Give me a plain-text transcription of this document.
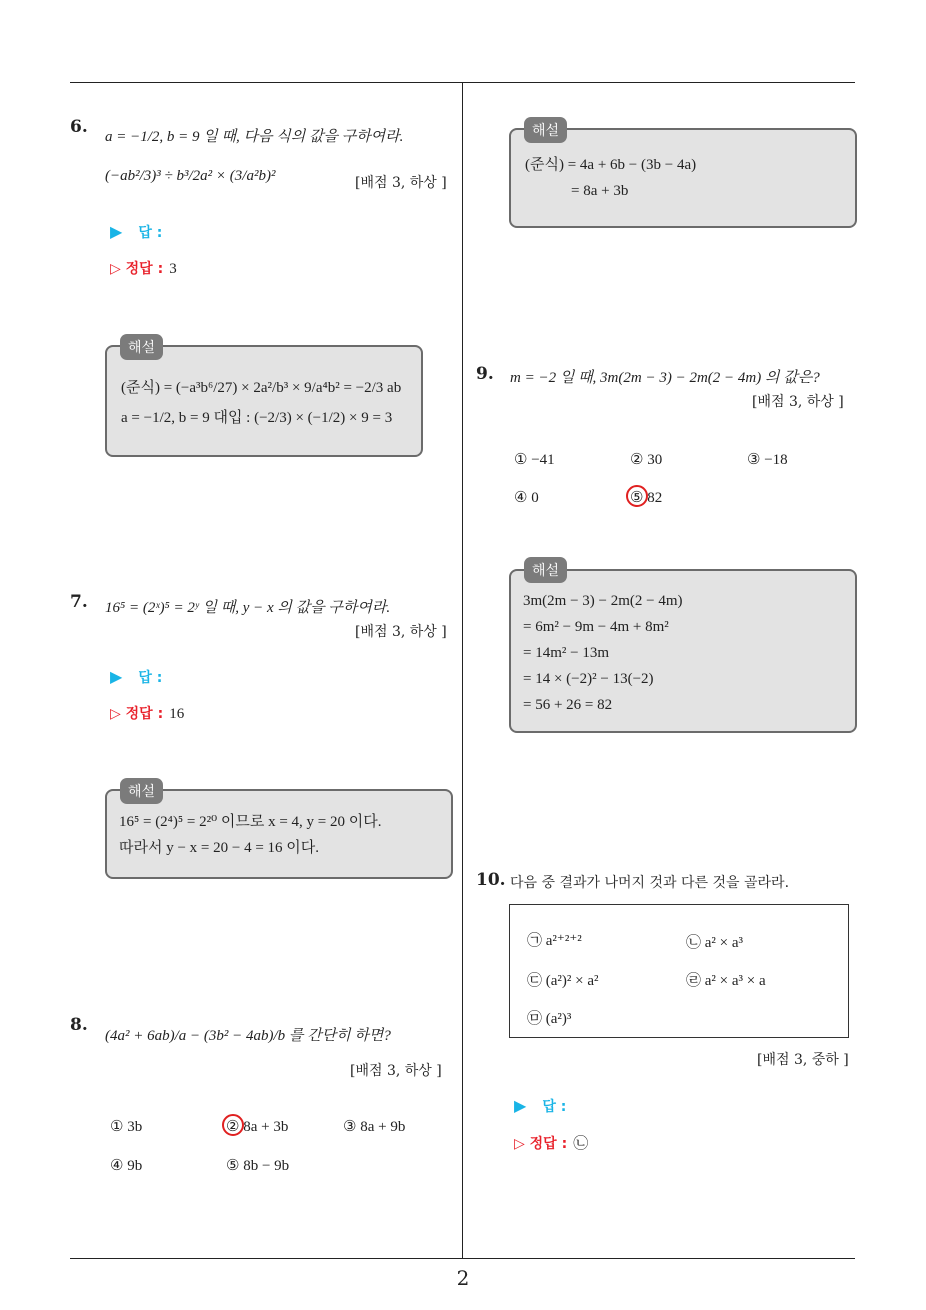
2
6. a = −1/2, b = 9 일 때, 다음 식의 값을 구하여라.
(−ab²/3)³ ÷ b³/2a² × (3/a²b)²	[배점 3, 하상 ]
▶ 답 :
▷ 정답 : 3
(준식) = (−a³b⁶/27) × 2a²/b³ × 9/a⁴b² = −2/3 ab
a = −1/2, b = 9 대입 : (−2/3) × (−1/2) × 9 = 3
해설
7. 16⁵ = (2ˣ)⁵ = 2ʸ 일 때, y − x 의 값을 구하여라.
[배점 3, 하상 ]
▶ 답 :
▷ 정답 : 16
16⁵ = (2⁴)⁵ = 2²⁰ 이므로 x = 4, y = 20 이다.
따라서 y − x = 20 − 4 = 16 이다.
해설
8.
(4a² + 6ab)/a − (3b² − 4ab)/b 를 간단히 하면?
[배점 3, 하상 ]
① 3b	② 8a + 3b	③ 8a + 9b
④ 9b	⑤ 8b − 9b
(준식) = 4a + 6b − (3b − 4a)
= 8a + 3b
해설
9. m = −2 일 때, 3m(2m − 3) − 2m(2 − 4m) 의 값은?
[배점 3, 하상 ]
① −41	② 30	③ −18
④ 0	⑤ 82
3m(2m − 3) − 2m(2 − 4m)
= 6m² − 9m − 4m + 8m²
= 14m² − 13m
= 14 × (−2)² − 13(−2)
= 56 + 26 = 82
해설
10. 다음 중 결과가 나머지 것과 다른 것을 골라라.
㉠ a²⁺²⁺²	㉡ a² × a³
㉢ (a²)² × a²	㉣ a² × a³ × a
㉤ (a²)³
[배점 3, 중하 ]
▶ 답 :
▷ 정답 : ㉡
